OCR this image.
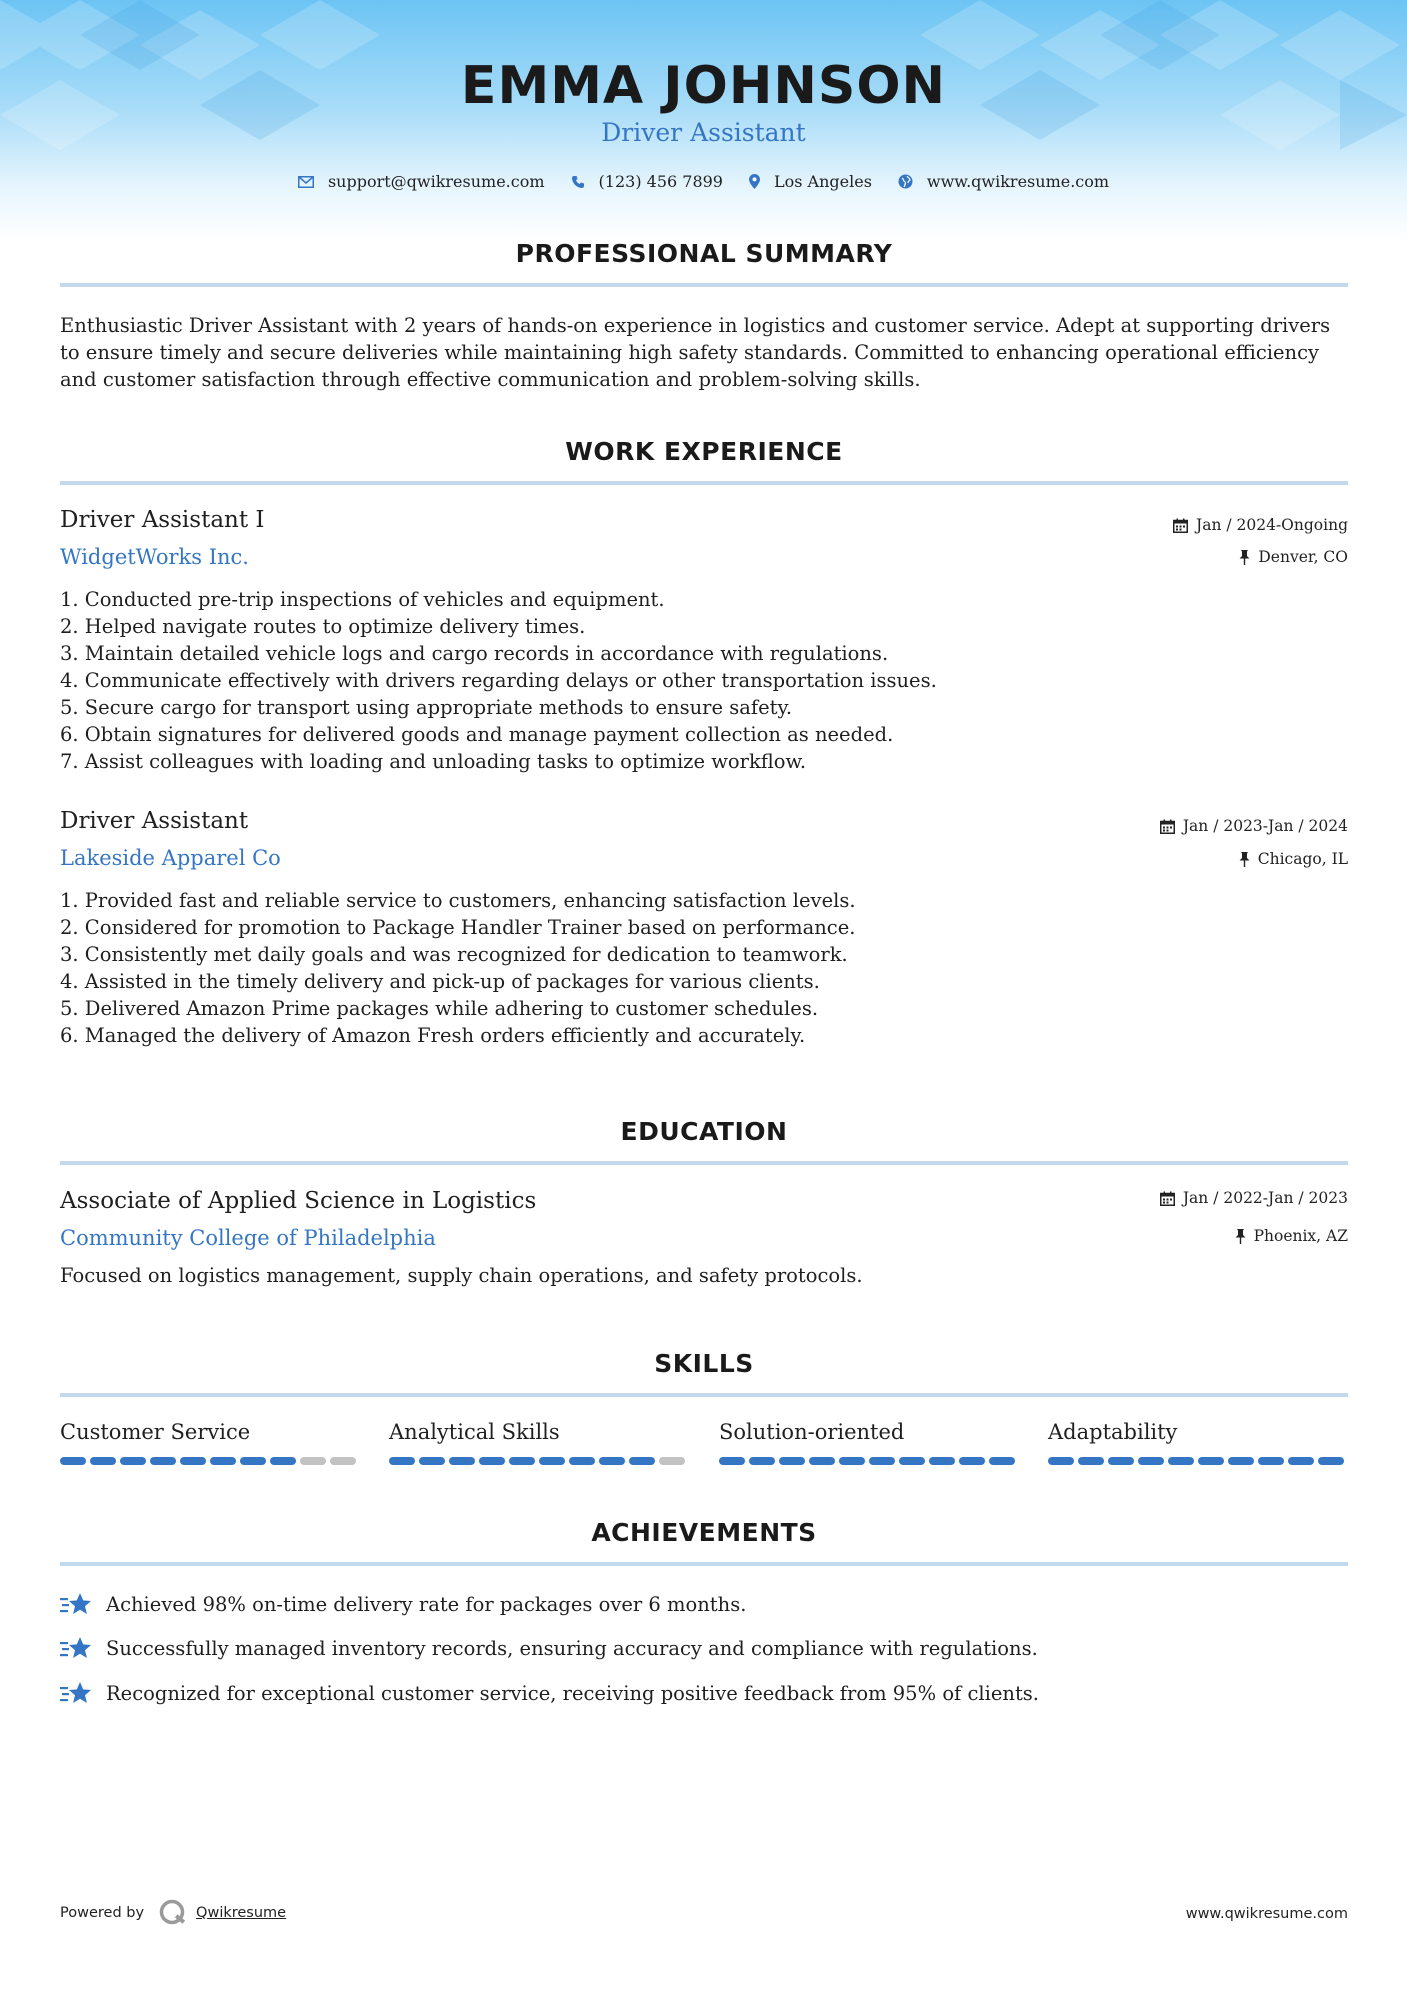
EMMA JOHNSON
Driver Assistant
support@qwikresume.com	(123) 456 7899	Los Angeles	www.qwikresume.com
PROFESSIONAL SUMMARY
Enthusiastic Driver Assistant with 2 years of hands-on experience in logistics and customer service. Adept at supporting drivers to ensure timely and secure deliveries while maintaining high safety standards. Committed to enhancing operational efficiency and customer satisfaction through effective communication and problem-solving skills.
WORK EXPERIENCE
Driver Assistant I	Jan / 2024-Ongoing
WidgetWorks Inc.	Denver, CO
1. Conducted pre-trip inspections of vehicles and equipment.
2. Helped navigate routes to optimize delivery times.
3. Maintain detailed vehicle logs and cargo records in accordance with regulations.
4. Communicate effectively with drivers regarding delays or other transportation issues.
5. Secure cargo for transport using appropriate methods to ensure safety.
6. Obtain signatures for delivered goods and manage payment collection as needed.
7. Assist colleagues with loading and unloading tasks to optimize workflow.
Driver Assistant	Jan / 2023-Jan / 2024
Lakeside Apparel Co	Chicago, IL
1. Provided fast and reliable service to customers, enhancing satisfaction levels.
2. Considered for promotion to Package Handler Trainer based on performance.
3. Consistently met daily goals and was recognized for dedication to teamwork.
4. Assisted in the timely delivery and pick-up of packages for various clients.
5. Delivered Amazon Prime packages while adhering to customer schedules.
6. Managed the delivery of Amazon Fresh orders efficiently and accurately.
EDUCATION
Associate of Applied Science in Logistics	Jan / 2022-Jan / 2023
Community College of Philadelphia	Phoenix, AZ
Focused on logistics management, supply chain operations, and safety protocols.
SKILLS
Customer Service	Analytical Skills	Solution-oriented	Adaptability
ACHIEVEMENTS
Achieved 98% on-time delivery rate for packages over 6 months.
Successfully managed inventory records, ensuring accuracy and compliance with regulations.
Recognized for exceptional customer service, receiving positive feedback from 95% of clients.
Powered by	Qwikresume	www.qwikresume.com
